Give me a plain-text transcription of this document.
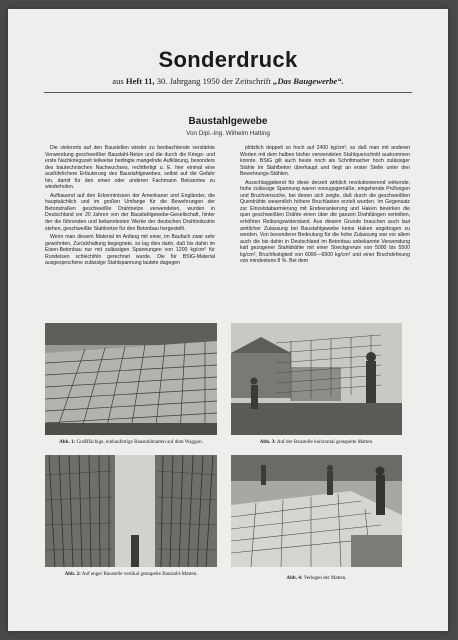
Sonderdruck
aus Heft 11, 30. Jahrgang 1950 der Zeitschrift „Das Baugewerbe“.
Baustahlgewebe
Von Dipl.-Ing. Wilhelm Hatting

Die vielerorts auf den Baustellen wieder zu beobachtende verstärkte Verwendung geschweißter Baustahl-Netze und die durch die Kriegs- und erste Nachkriegszeit teilweise bedingte mangelnde Aufklärung, besonders des bautechnischen Nachwuchses, rechtfertigt u. E. hier einmal eine ausführlichere Erläuterung des Baustahlgewebes, selbst auf die Gefahr hin, damit für den einen oder anderen Fachmann Bekanntes zu wiederholen.

Aufbauend auf den Erkenntnissen der Amerikaner und Engländer, die hauptsächlich und im großen Umfange für die Bewehrungen der Betonstraßen geschweißte Drahtnetze verwendeten, wurden in Deutschland vor 20 Jahren von der Baustahlgewebe-Gesellschaft, hinter der die führenden und bekanntesten Werke der deutschen Drahtindustrie stehen, geschweißte Stahlnetze für den Betonbau hergestellt.

Wenn man diesem Material im Anfang mit einer, im Baufach zwar sehr gewohnten, Zurückhaltung begegnete, so lag dies darin, daß bis dahin im Eisen-Betonbau nur mit zulässigen Spannungen von 1200 kg/cm² für Rundeisen schlechthin gerechnet wurde. Die für BStG-Material ausgesprochene zulässige Stahlspannung lautete dagegen

plötzlich doppelt so hoch auf 2400 kg/cm², so daß man mit anderen Worten mit dem halben bisher verwendeten Stahlquerschnitt auskommen konnte. BStG gilt auch heute noch als Schrittmacher hoch zulässiger Stähle im Stahlbeton überhaupt und liegt an erster Stelle unter den Bewehrungs-Stählen.

Ausschlaggebend für diese derzeit wirklich revolutionierend wirkende, hohe zulässige Spannung waren vorzugsgemäße, eingehende Prüfungen und Bruchversuche, bei denen sich zeigte, daß durch die geschweißten Querdrähte wesentlich höhere Bruchlasten erzielt wurden. Im Gegensatz zur Einzelstabarmierung mit Endverankerung und Haken bewirken die quer geschweißten Drähte einen über die ganzen Drahtlängen verteilten, erhöhten Reibungswiderstand. Aus diesem Grunde brauchen auch laut amtlicher Zulassung bei Baustahlgewebe keine Haken angebogen zu werden. Von besonderer Bedeutung für die hohe Zulassung war vor allem auch die bis dahin in Deutschland im Betonbau unbekannte Verwendung kalt gezogener Stahldrähte mit einer Streckgrenze von 5000 bis 5500 kg/cm², Bruchfestigkeit von 6000—6500 kg/cm² und einer Bruchdehnung von mindestens 8 %. Bei dem

Abb. 1: Großflächige, einbaufertige Baustahlmatten auf dem Waggon.	Abb. 3: Auf der Baustelle horizontal gestapelte Matten.
Abb. 2: Auf enger Baustelle vertikal gestapelte Baustahl-Matten.
Abb. 4: Verlegen der Matten.
